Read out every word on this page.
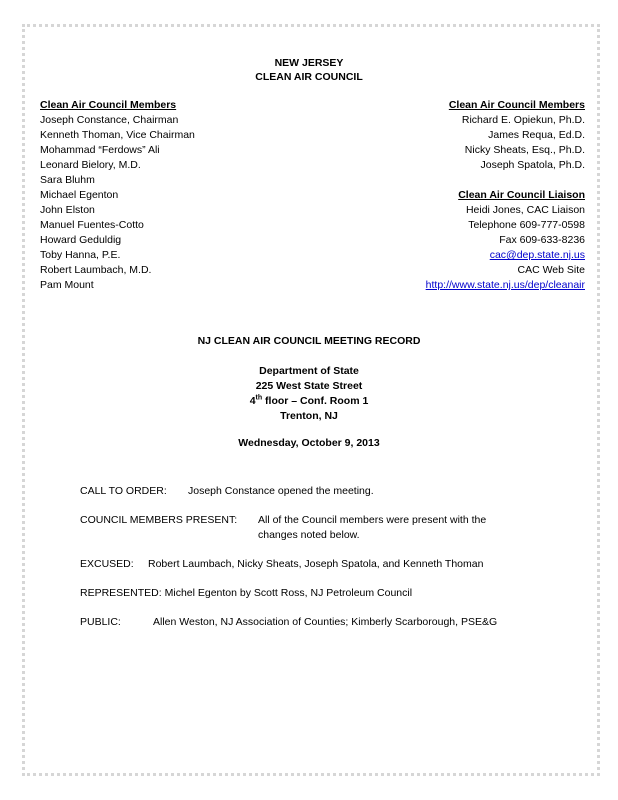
NEW JERSEY
CLEAN AIR COUNCIL
Clean Air Council Members
Joseph Constance, Chairman
Kenneth Thoman, Vice Chairman
Mohammad “Ferdows” Ali
Leonard Bielory, M.D.
Sara Bluhm
Michael Egenton
John Elston
Manuel Fuentes-Cotto
Howard Geduldig
Toby Hanna, P.E.
Robert Laumbach, M.D.
Pam Mount
Clean Air Council Members
Richard E. Opiekun, Ph.D.
James Requa, Ed.D.
Nicky Sheats, Esq., Ph.D.
Joseph Spatola, Ph.D.
Clean Air Council Liaison
Heidi Jones, CAC Liaison
Telephone 609-777-0598
Fax 609-633-8236
cac@dep.state.nj.us
CAC Web Site
http://www.state.nj.us/dep/cleanair
NJ CLEAN AIR COUNCIL MEETING RECORD
Department of State
225 West State Street
4th floor – Conf. Room 1
Trenton, NJ
Wednesday, October 9, 2013
CALL TO ORDER: Joseph Constance opened the meeting.
COUNCIL MEMBERS PRESENT: All of the Council members were present with the changes noted below.
EXCUSED: Robert Laumbach, Nicky Sheats, Joseph Spatola, and Kenneth Thoman
REPRESENTED: Michel Egenton by Scott Ross, NJ Petroleum Council
PUBLIC:	Allen Weston, NJ Association of Counties; Kimberly Scarborough, PSE&G
